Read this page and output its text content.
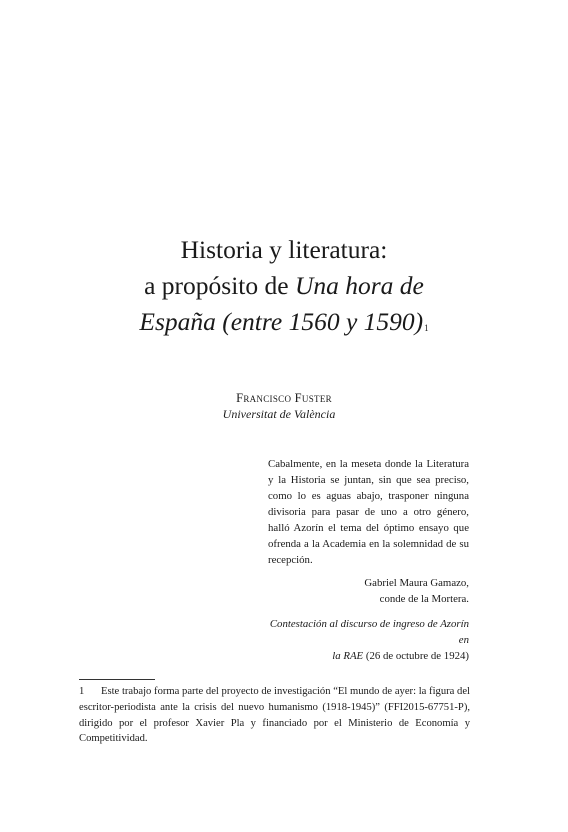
Historia y literatura:
a propósito de Una hora de
España (entre 1560 y 1590)$^1$
Francisco Fuster
Universitat de València
Cabalmente, en la meseta donde la Literatura y la Historia se juntan, sin que sea preciso, como lo es aguas abajo, trasponer ninguna divisoria para pasar de uno a otro género, halló Azorín el tema del óptimo ensayo que ofrenda a la Academia en la solemnidad de su recepción.
Gabriel Maura Gamazo,
conde de la Mortera.
Contestación al discurso de ingreso de Azorín en
la RAE (26 de octubre de 1924)
1	Este trabajo forma parte del proyecto de investigación “El mundo de ayer: la figura del escritor-periodista ante la crisis del nuevo humanismo (1918-1945)” (FFI2015-67751-P), dirigido por el profesor Xavier Pla y financiado por el Ministerio de Economía y Competitividad.
